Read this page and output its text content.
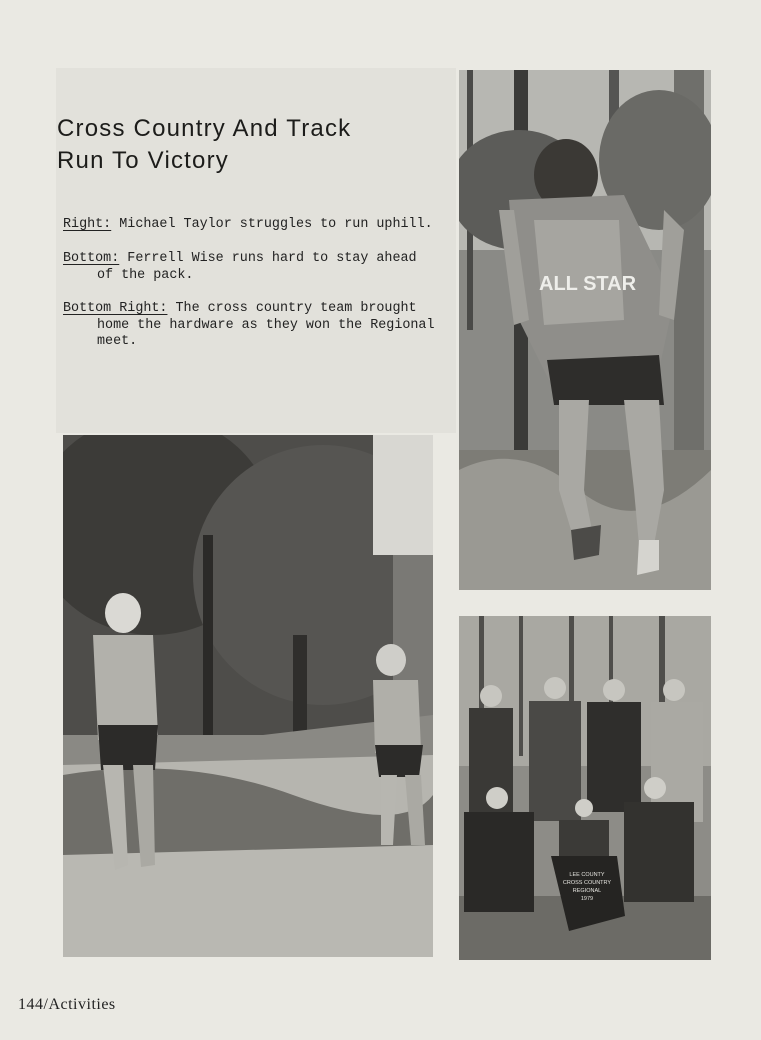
Cross Country And Track
Run To Victory
Right: Michael Taylor struggles to run uphill.
Bottom: Ferrell Wise runs hard to stay ahead
of the pack.
Bottom Right: The cross country team brought
home the hardware as they won the Regional meet.
ALL STAR
LEE COUNTY
CROSS COUNTRY
REGIONAL
1979
144/Activities
